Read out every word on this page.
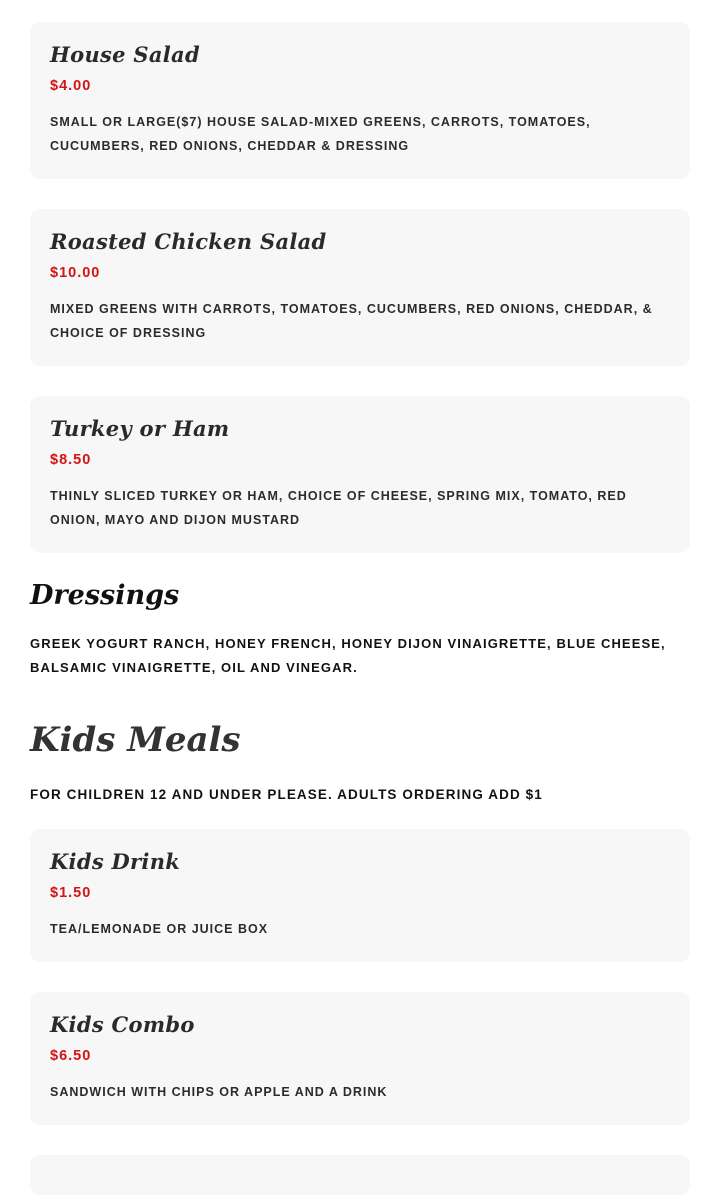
House Salad
$4.00
SMALL OR LARGE($7) HOUSE SALAD-MIXED GREENS, CARROTS, TOMATOES, CUCUMBERS, RED ONIONS, CHEDDAR & DRESSING
Roasted Chicken Salad
$10.00
MIXED GREENS WITH CARROTS, TOMATOES, CUCUMBERS, RED ONIONS, CHEDDAR, & CHOICE OF DRESSING
Turkey or Ham
$8.50
THINLY SLICED TURKEY OR HAM, CHOICE OF CHEESE, SPRING MIX, TOMATO, RED ONION, MAYO AND DIJON MUSTARD
Dressings
GREEK YOGURT RANCH, HONEY FRENCH, HONEY DIJON VINAIGRETTE, BLUE CHEESE, BALSAMIC VINAIGRETTE, OIL AND VINEGAR.
Kids Meals
FOR CHILDREN 12 AND UNDER PLEASE. ADULTS ORDERING ADD $1
Kids Drink
$1.50
TEA/LEMONADE OR JUICE BOX
Kids Combo
$6.50
SANDWICH WITH CHIPS OR APPLE AND A DRINK
